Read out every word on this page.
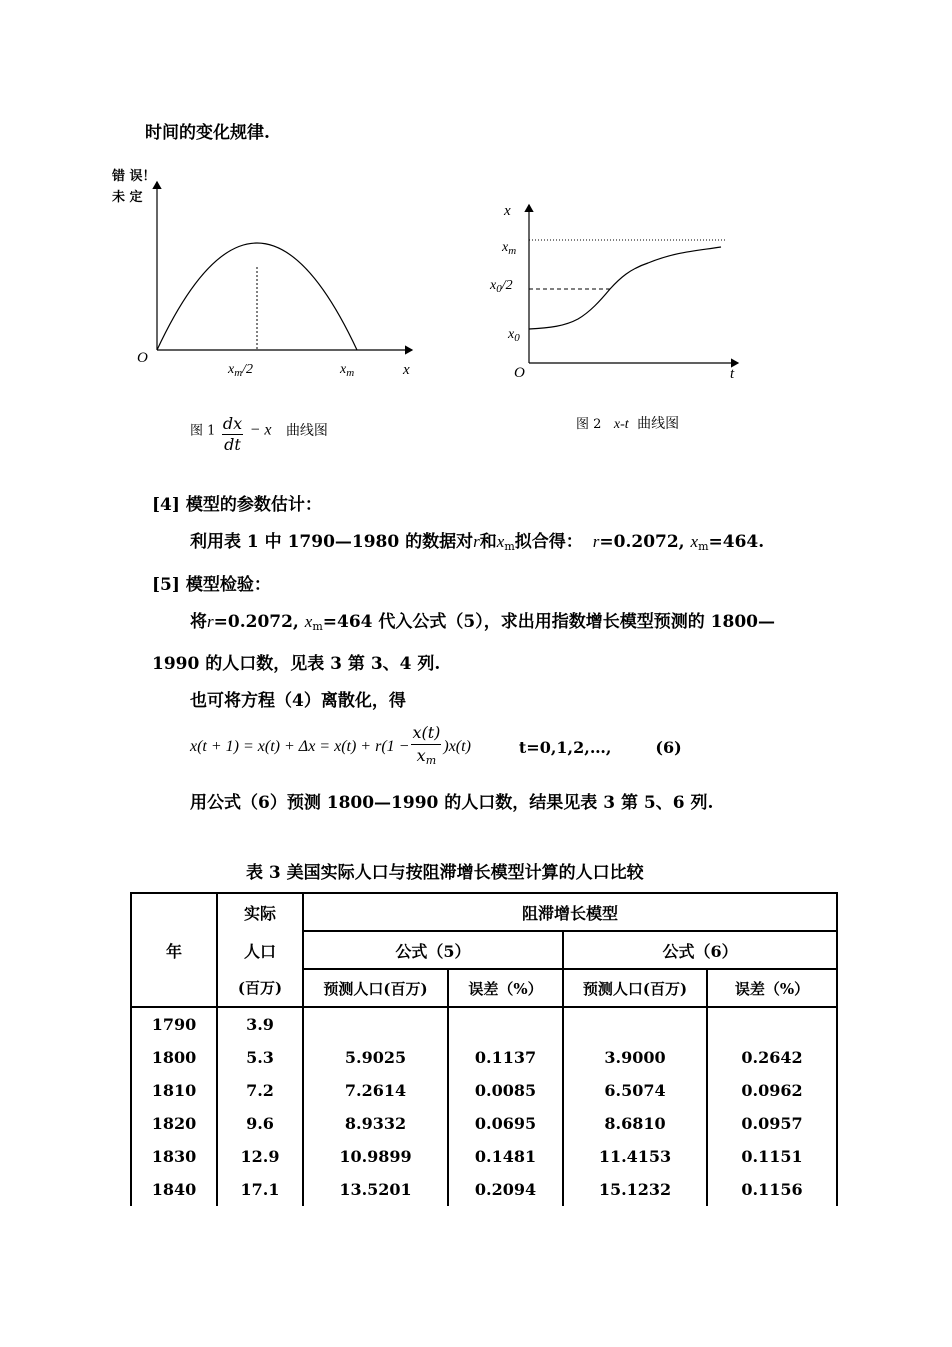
时间的变化规律.
错 误！
未 定
O
$x_m/2$	$x_m$	x
图 $1 \frac{dx}{dt} - x$ 曲线图
x
$x_m$
$x_0/2$
$x_0$
O	t
图 2 x-t 曲线图
[4] 模型的参数估计：
利用表 1 中 1790—1980 的数据对r和$x_m$拟合得： r=0.2072, $x_m=464$.
[5] 模型检验：
将r=0.2072, $x_m=464$ 代入公式（5），求出用指数增长模型预测的 1800—
1990 的人口数，见表 3 第 3、4 列.
也可将方程（4）离散化，得
$x(t + 1) = x(t) + \Delta x = x(t) + r(1 - \frac{x(t)}{x_m} )x(t)$	t=0,1,2,…,	(6)
用公式（6）预测 1800—1990 的人口数，结果见表 3 第 5、6 列.
表 3 美国实际人口与按阻滞增长模型计算的人口比较
年	实际	阻滞增长模型			
	人口	公式（5）		公式（6）	
	(百万)	预测人口(百万)	误差（%）	预测人口(百万)	误差（%）
1790	3.9				
1800	5.3	5.9025	0.1137	3.9000	0.2642
1810	7.2	7.2614	0.0085	6.5074	0.0962
1820	9.6	8.9332	0.0695	8.6810	0.0957
1830	12.9	10.9899	0.1481	11.4153	0.1151
1840	17.1	13.5201	0.2094	15.1232	0.1156
